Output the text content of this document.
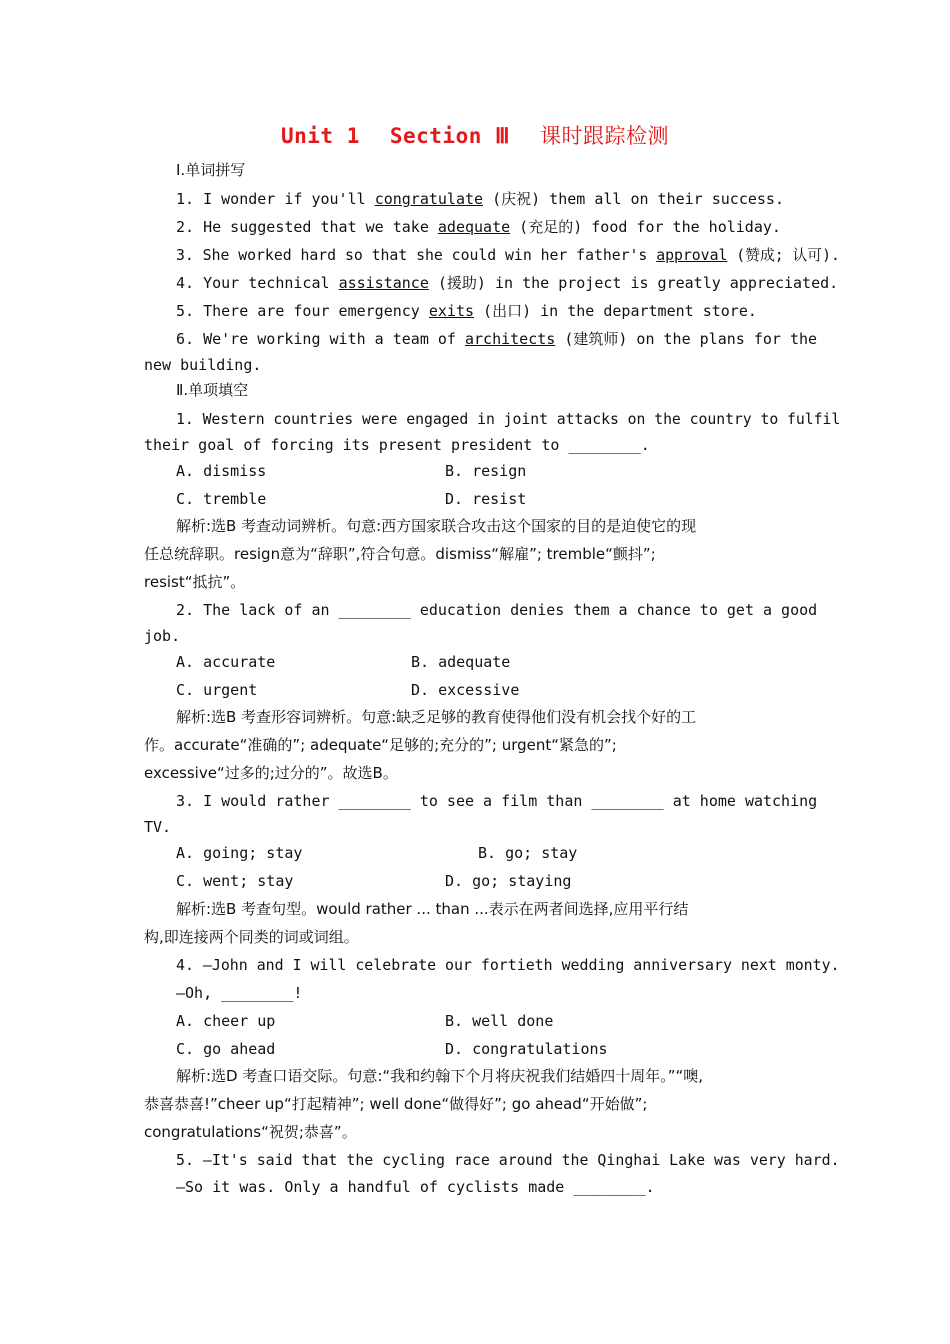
Unit 1 Section Ⅲ 课时跟踪检测
Ⅰ.单词拼写
1. I wonder if you'll congratulate (庆祝) them all on their success.
2. He suggested that we take adequate (充足的) food for the holiday.
3. She worked hard so that she could win her father's approval (赞成; 认可).
4. Your technical assistance (援助) in the project is greatly appreciated.
5. There are four emergency exits (出口) in the department store.
6. We're working with a team of architects (建筑师) on the plans for the
new building.
Ⅱ.单项填空
1. Western countries were engaged in joint attacks on the country to fulfil
their goal of forcing its present president to ________.
A. dismiss	B. resign
C. tremble	D. resist
解析:选B 考查动词辨析。句意:西方国家联合攻击这个国家的目的是迫使它的现
任总统辞职。resign意为“辞职”,符合句意。dismiss“解雇”; tremble“颤抖”;
resist“抵抗”。
2. The lack of an ________ education denies them a chance to get a good
job.
A. accurate	B. adequate
C. urgent	D. excessive
解析:选B 考查形容词辨析。句意:缺乏足够的教育使得他们没有机会找个好的工
作。accurate“准确的”; adequate“足够的;充分的”; urgent“紧急的”;
excessive“过多的;过分的”。故选B。
3. I would rather ________ to see a film than ________ at home watching
TV.
A. going; stay	B. go; stay
C. went; stay	D. go; staying
解析:选B 考查句型。would rather ... than ...表示在两者间选择,应用平行结
构,即连接两个同类的词或词组。
4. —John and I will celebrate our fortieth wedding anniversary next monty.
—Oh, ________!
A. cheer up	B. well done
C. go ahead	D. congratulations
解析:选D 考查口语交际。句意:“我和约翰下个月将庆祝我们结婚四十周年。”“噢,
恭喜恭喜!”cheer up“打起精神”; well done“做得好”; go ahead“开始做”;
congratulations“祝贺;恭喜”。
5. —It's said that the cycling race around the Qinghai Lake was very hard.
—So it was. Only a handful of cyclists made ________.
